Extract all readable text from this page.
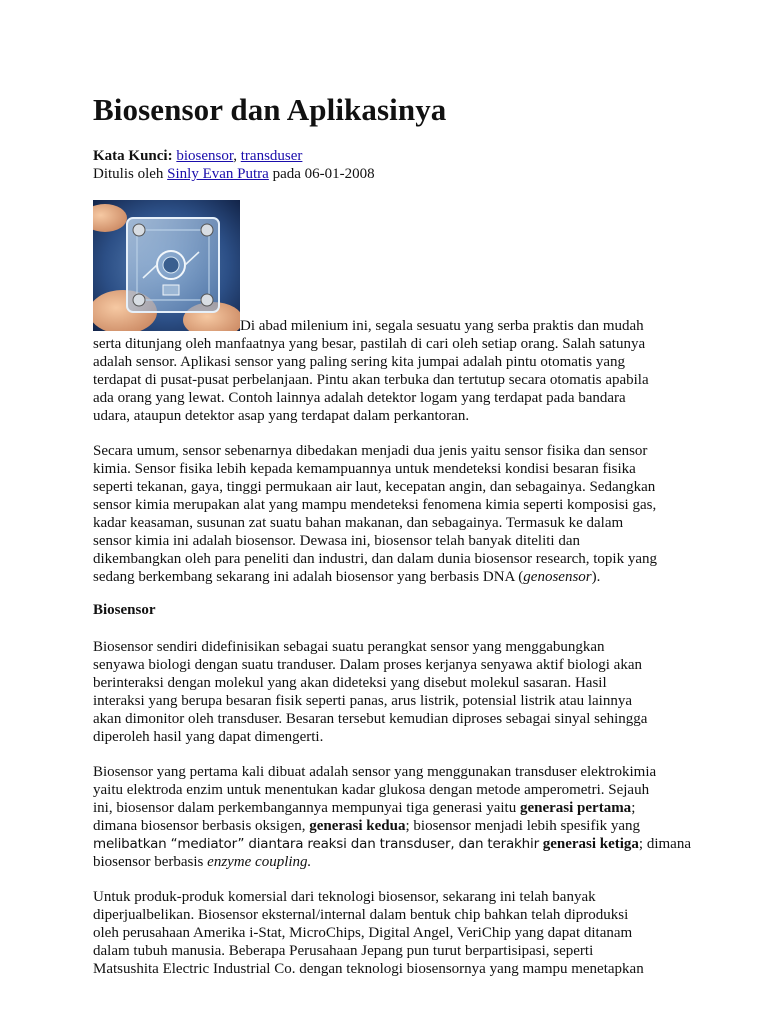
Biosensor dan Aplikasinya
Kata Kunci: biosensor, transduser
Ditulis oleh Sinly Evan Putra pada 06-01-2008
Di abad milenium ini, segala sesuatu yang serba praktis dan mudah
serta ditunjang oleh manfaatnya yang besar, pastilah di cari oleh setiap orang. Salah satunya
adalah sensor. Aplikasi sensor yang paling sering kita jumpai adalah pintu otomatis yang
terdapat di pusat-pusat perbelanjaan. Pintu akan terbuka dan tertutup secara otomatis apabila
ada orang yang lewat. Contoh lainnya adalah detektor logam yang terdapat pada bandara
udara, ataupun detektor asap yang terdapat dalam perkantoran.
Secara umum, sensor sebenarnya dibedakan menjadi dua jenis yaitu sensor fisika dan sensor
kimia. Sensor fisika lebih kepada kemampuannya untuk mendeteksi kondisi besaran fisika
seperti tekanan, gaya, tinggi permukaan air laut, kecepatan angin, dan sebagainya. Sedangkan
sensor kimia merupakan alat yang mampu mendeteksi fenomena kimia seperti komposisi gas,
kadar keasaman, susunan zat suatu bahan makanan, dan sebagainya. Termasuk ke dalam
sensor kimia ini adalah biosensor. Dewasa ini, biosensor telah banyak diteliti dan
dikembangkan oleh para peneliti dan industri, dan dalam dunia biosensor research, topik yang
sedang berkembang sekarang ini adalah biosensor yang berbasis DNA (genosensor).
Biosensor
Biosensor sendiri didefinisikan sebagai suatu perangkat sensor yang menggabungkan
senyawa biologi dengan suatu tranduser. Dalam proses kerjanya senyawa aktif biologi akan
berinteraksi dengan molekul yang akan dideteksi yang disebut molekul sasaran. Hasil
interaksi yang berupa besaran fisik seperti panas, arus listrik, potensial listrik atau lainnya
akan dimonitor oleh transduser. Besaran tersebut kemudian diproses sebagai sinyal sehingga
diperoleh hasil yang dapat dimengerti.
Biosensor yang pertama kali dibuat adalah sensor yang menggunakan transduser elektrokimia
yaitu elektroda enzim untuk menentukan kadar glukosa dengan metode amperometri. Sejauh
ini, biosensor dalam perkembangannya mempunyai tiga generasi yaitu generasi pertama;
dimana biosensor berbasis oksigen, generasi kedua; biosensor menjadi lebih spesifik yang
melibatkan “mediator” diantara reaksi dan transduser, dan terakhir generasi ketiga; dimana
biosensor berbasis enzyme coupling.
Untuk produk-produk komersial dari teknologi biosensor, sekarang ini telah banyak
diperjualbelikan. Biosensor eksternal/internal dalam bentuk chip bahkan telah diproduksi
oleh perusahaan Amerika i-Stat, MicroChips, Digital Angel, VeriChip yang dapat ditanam
dalam tubuh manusia. Beberapa Perusahaan Jepang pun turut berpartisipasi, seperti
Matsushita Electric Industrial Co. dengan teknologi biosensornya yang mampu menetapkan
